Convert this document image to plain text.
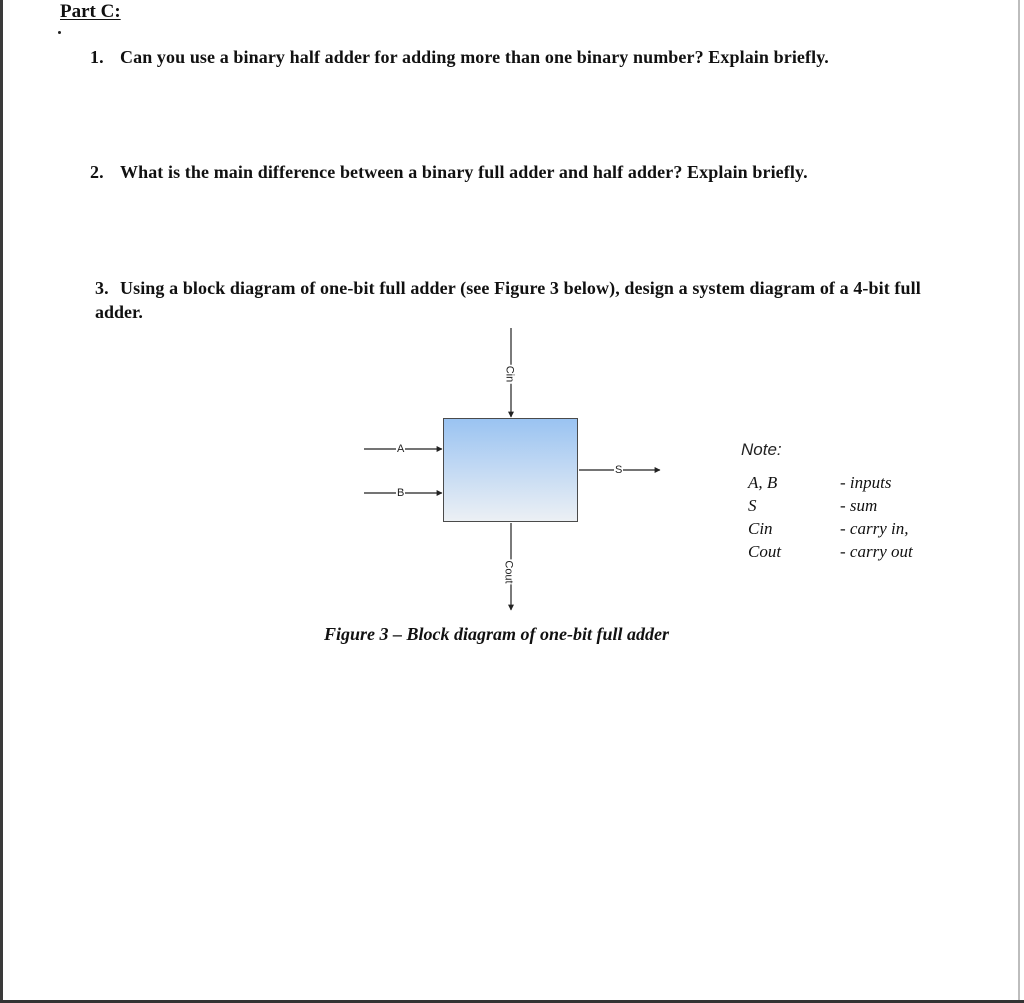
Part C:
1. Can you use a binary half adder for adding more than one binary number? Explain briefly.
2. What is the main difference between a binary full adder and half adder? Explain briefly.
3. Using a block diagram of one-bit full adder (see Figure 3 below), design a system diagram of a 4-bit full
adder.
A
B
S
Cin
Cout
Note:
A, B	- inputs
S	- sum
Cin	- carry in,
Cout	- carry out
Figure 3 – Block diagram of one-bit full adder
